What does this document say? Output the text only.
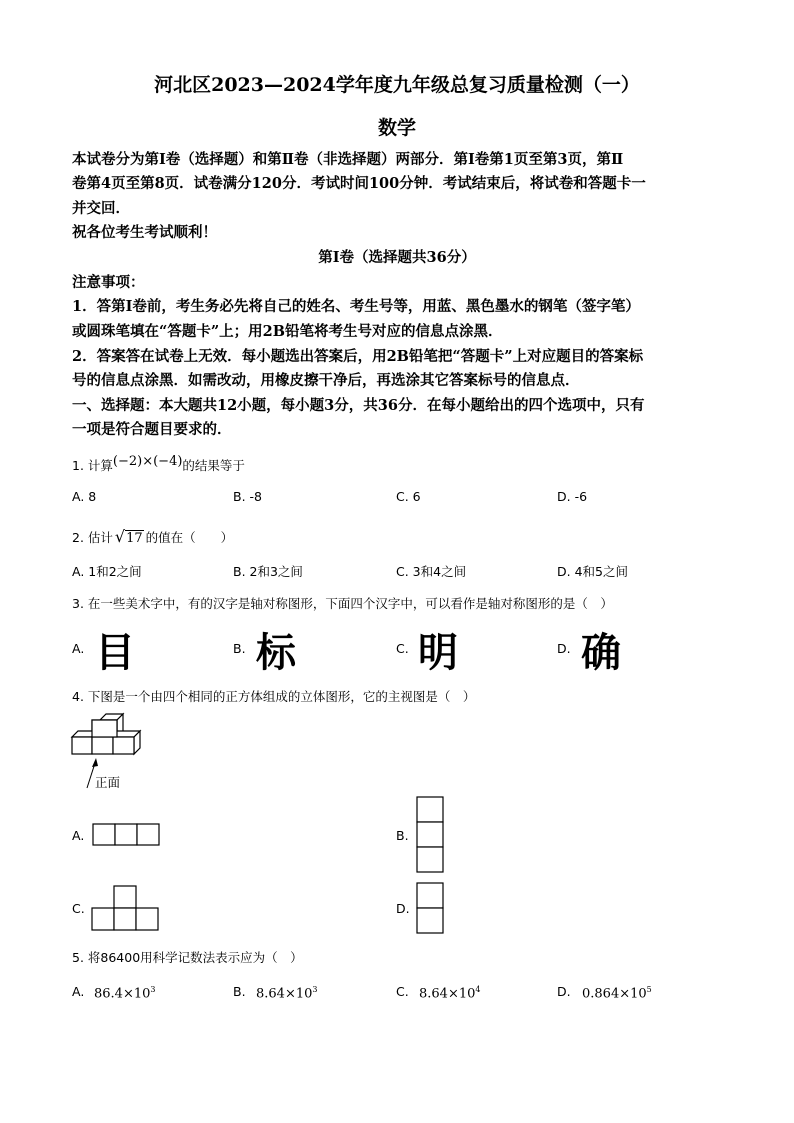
河北区2023—2024学年度九年级总复习质量检测（一）
数学
本试卷分为第Ⅰ卷（选择题）和第Ⅱ卷（非选择题）两部分．第Ⅰ卷第1页至第3页，第Ⅱ
卷第4页至第8页．试卷满分120分．考试时间100分钟．考试结束后，将试卷和答题卡一
并交回．
祝各位考生考试顺利！
第Ⅰ卷（选择题共36分）
注意事项：
1．答第Ⅰ卷前，考生务必先将自己的姓名、考生号等，用蓝、黑色墨水的钢笔（签字笔）
或圆珠笔填在“答题卡”上；用2B铅笔将考生号对应的信息点涂黑．
2．答案答在试卷上无效．每小题选出答案后，用2B铅笔把“答题卡”上对应题目的答案标
号的信息点涂黑．如需改动，用橡皮擦干净后，再选涂其它答案标号的信息点．
一、选择题：本大题共12小题，每小题3分，共36分．在每小题给出的四个选项中，只有
一项是符合题目要求的．
1. 计算(−2)×(−4)的结果等于
A. 8	B. -8	C. 6	D. -6
2. 估计 √17 的值在（　　）
A. 1和2之间	B. 2和3之间	C. 3和4之间	D. 4和5之间
3. 在一些美术字中，有的汉字是轴对称图形，下面四个汉字中，可以看作是轴对称图形的是（　）
A. 目	B. 标	C. 明	D. 确
4. 下图是一个由四个相同的正方体组成的立体图形，它的主视图是（　）
正面
A.	B.
C.	D.
5. 将86400用科学记数法表示应为（　）
A. $86.4\times 10^3$	B. $8.64\times 10^3$	C. $8.64\times 10^4$	D. $0.864\times 10^5$
